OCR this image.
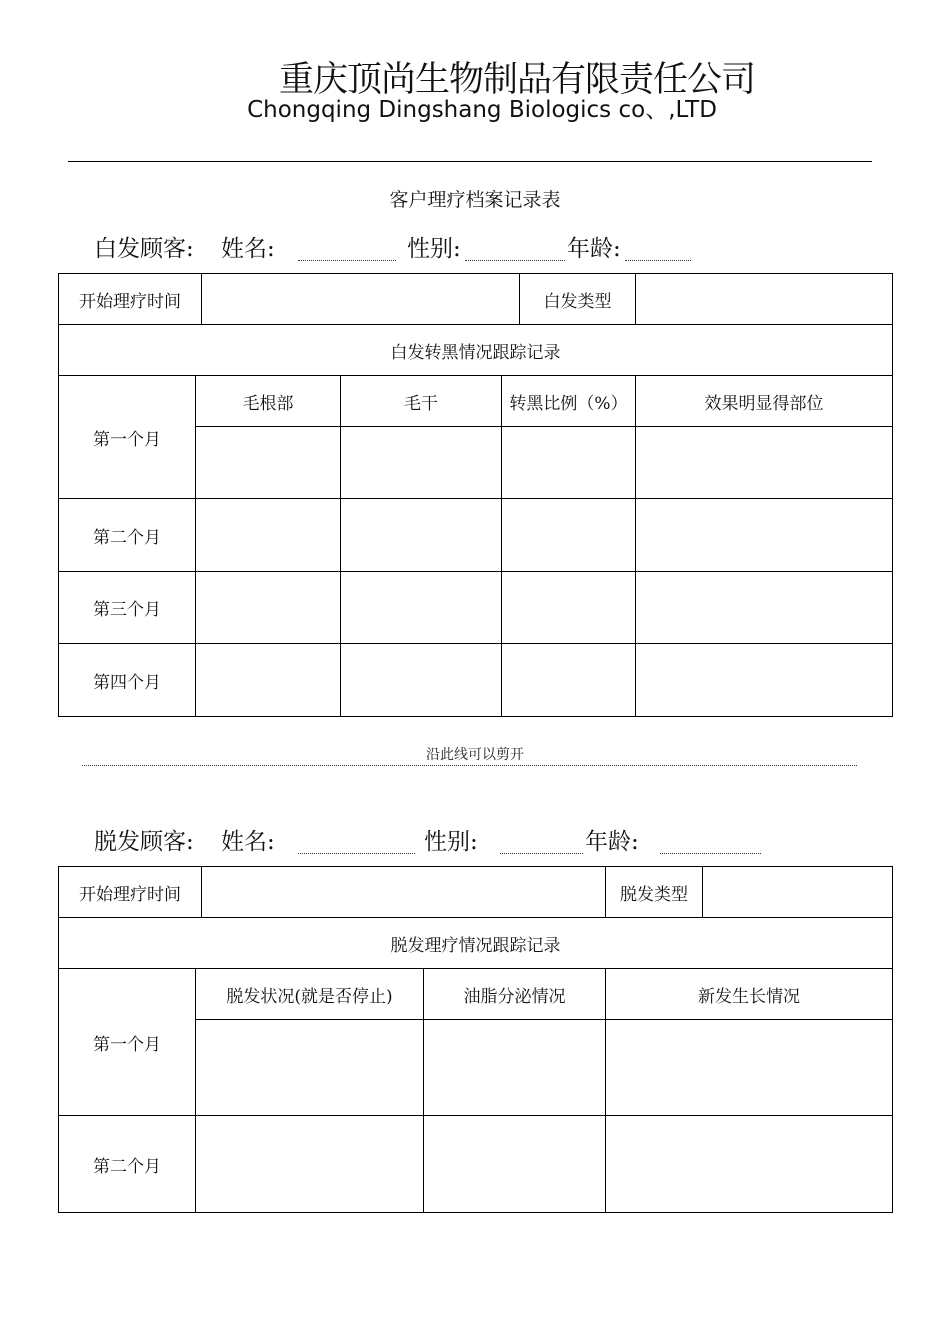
重庆顶尚生物制品有限责任公司
Chongqing Dingshang Biologics co、,LTD
客户理疗档案记录表
白发顾客: 姓名:	性别:	年龄:
开始理疗时间					白发类型	
白发转黑情况跟踪记录						
第一个月	毛根部		毛干	转黑比例（%）		效果明显得部位

第二个月						
第三个月						
第四个月						
沿此线可以剪开
脱发顾客: 姓名:	性别:	年龄:
开始理疗时间				脱发类型	
脱发理疗情况跟踪记录					
第一个月	脱发状况(就是否停止)		油脂分泌情况	新发生长情况	

第二个月					
